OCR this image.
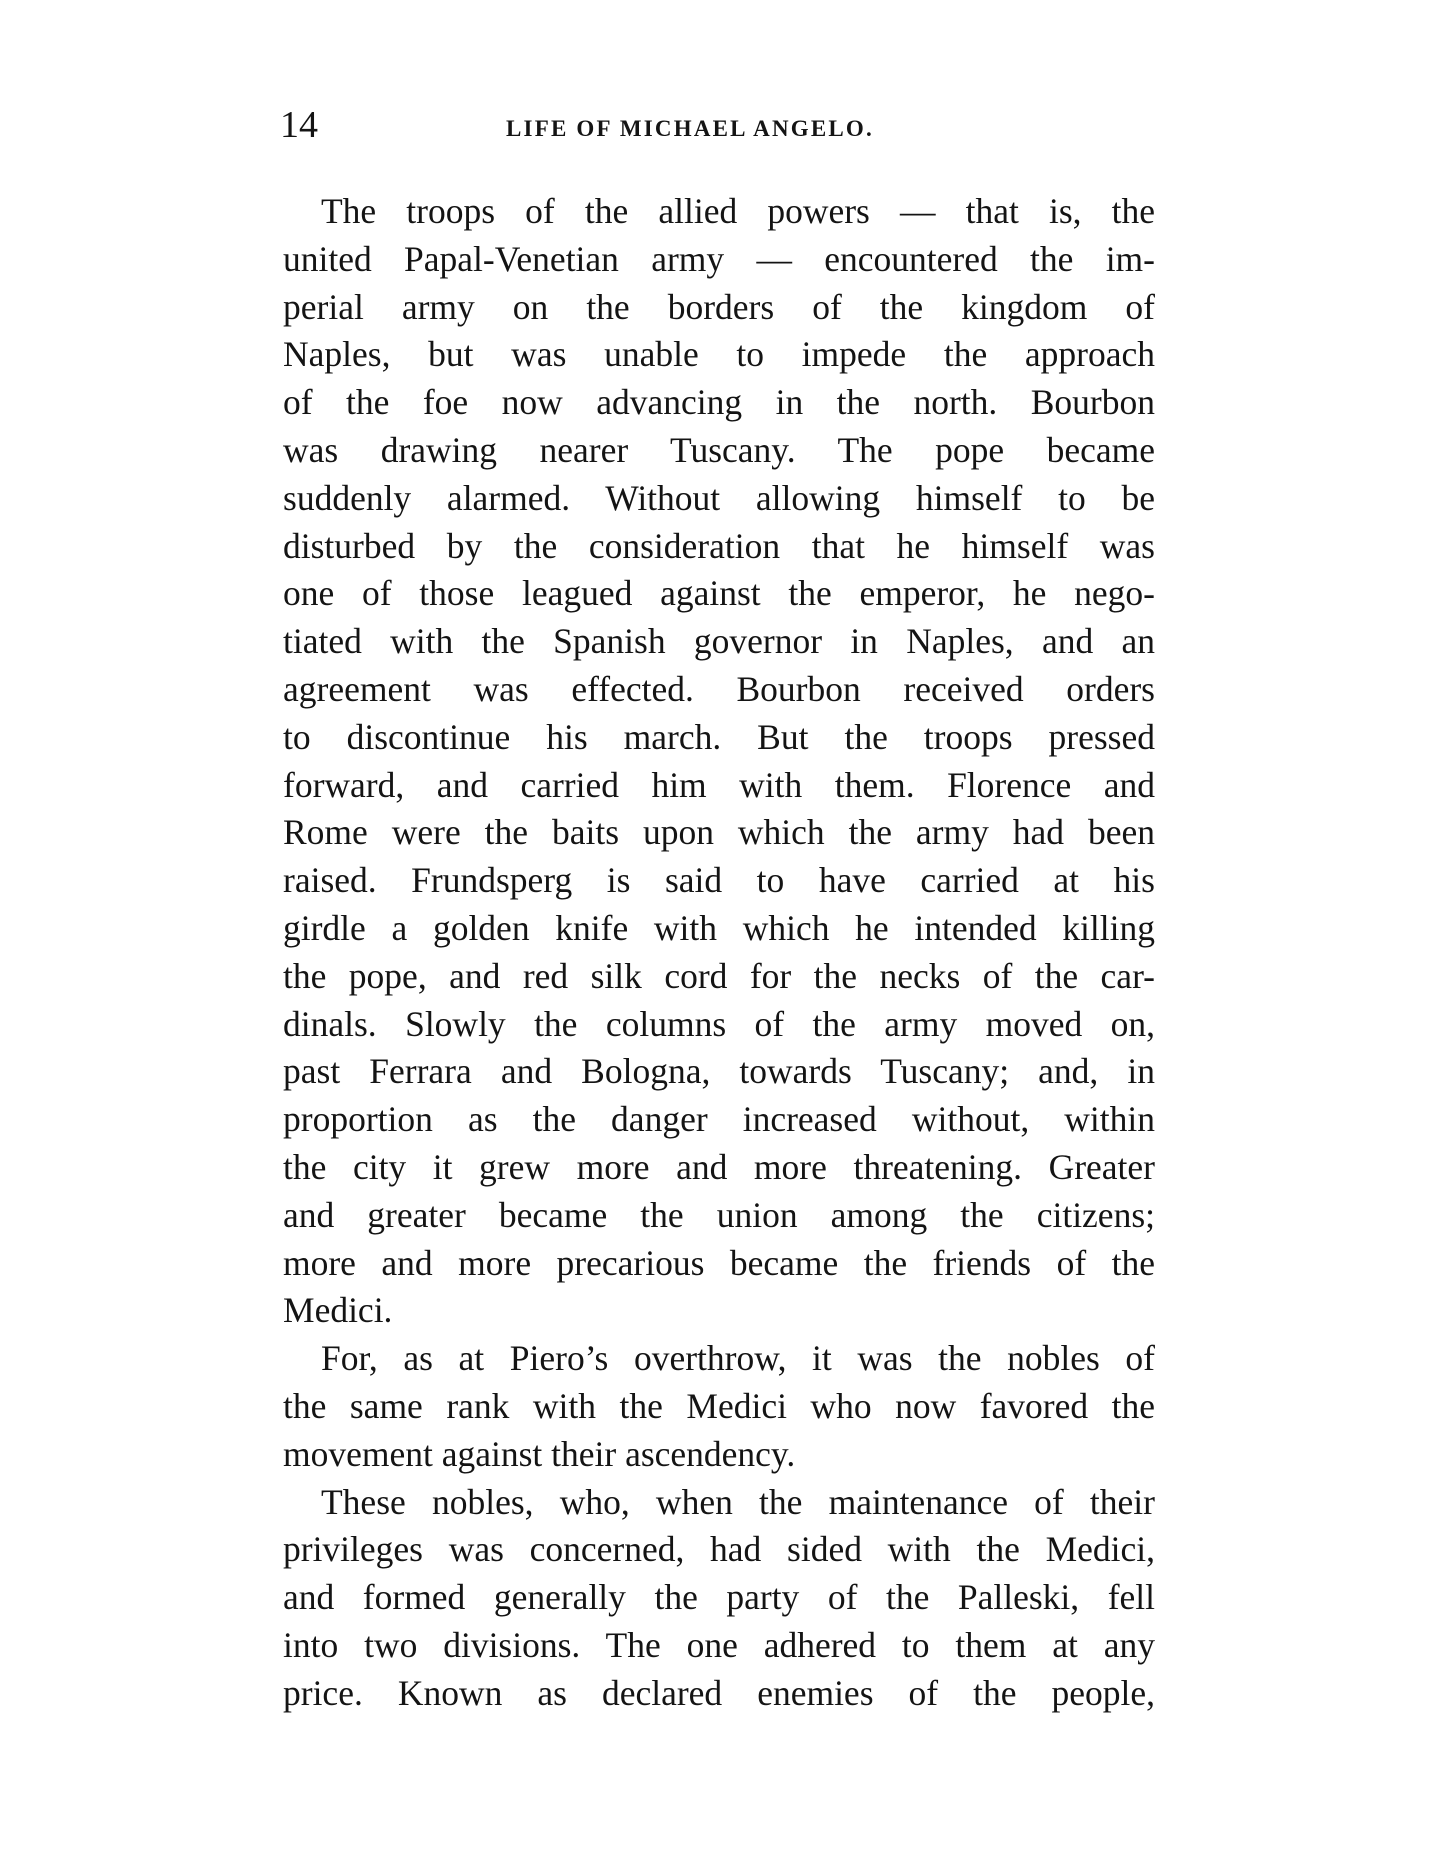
14	LIFE OF MICHAEL ANGELO.
The troops of the allied powers — that is, the
united Papal-Venetian army — encountered the im-
perial army on the borders of the kingdom of
Naples, but was unable to impede the approach
of the foe now advancing in the north. Bourbon
was drawing nearer Tuscany. The pope became
suddenly alarmed. Without allowing himself to be
disturbed by the consideration that he himself was
one of those leagued against the emperor, he nego-
tiated with the Spanish governor in Naples, and an
agreement was effected. Bourbon received orders
to discontinue his march. But the troops pressed
forward, and carried him with them. Florence and
Rome were the baits upon which the army had been
raised. Frundsperg is said to have carried at his
girdle a golden knife with which he intended killing
the pope, and red silk cord for the necks of the car-
dinals. Slowly the columns of the army moved on,
past Ferrara and Bologna, towards Tuscany; and, in
proportion as the danger increased without, within
the city it grew more and more threatening. Greater
and greater became the union among the citizens;
more and more precarious became the friends of the
Medici.
For, as at Piero’s overthrow, it was the nobles of
the same rank with the Medici who now favored the
movement against their ascendency.
These nobles, who, when the maintenance of their
privileges was concerned, had sided with the Medici,
and formed generally the party of the Palleski, fell
into two divisions. The one adhered to them at any
price. Known as declared enemies of the people,
